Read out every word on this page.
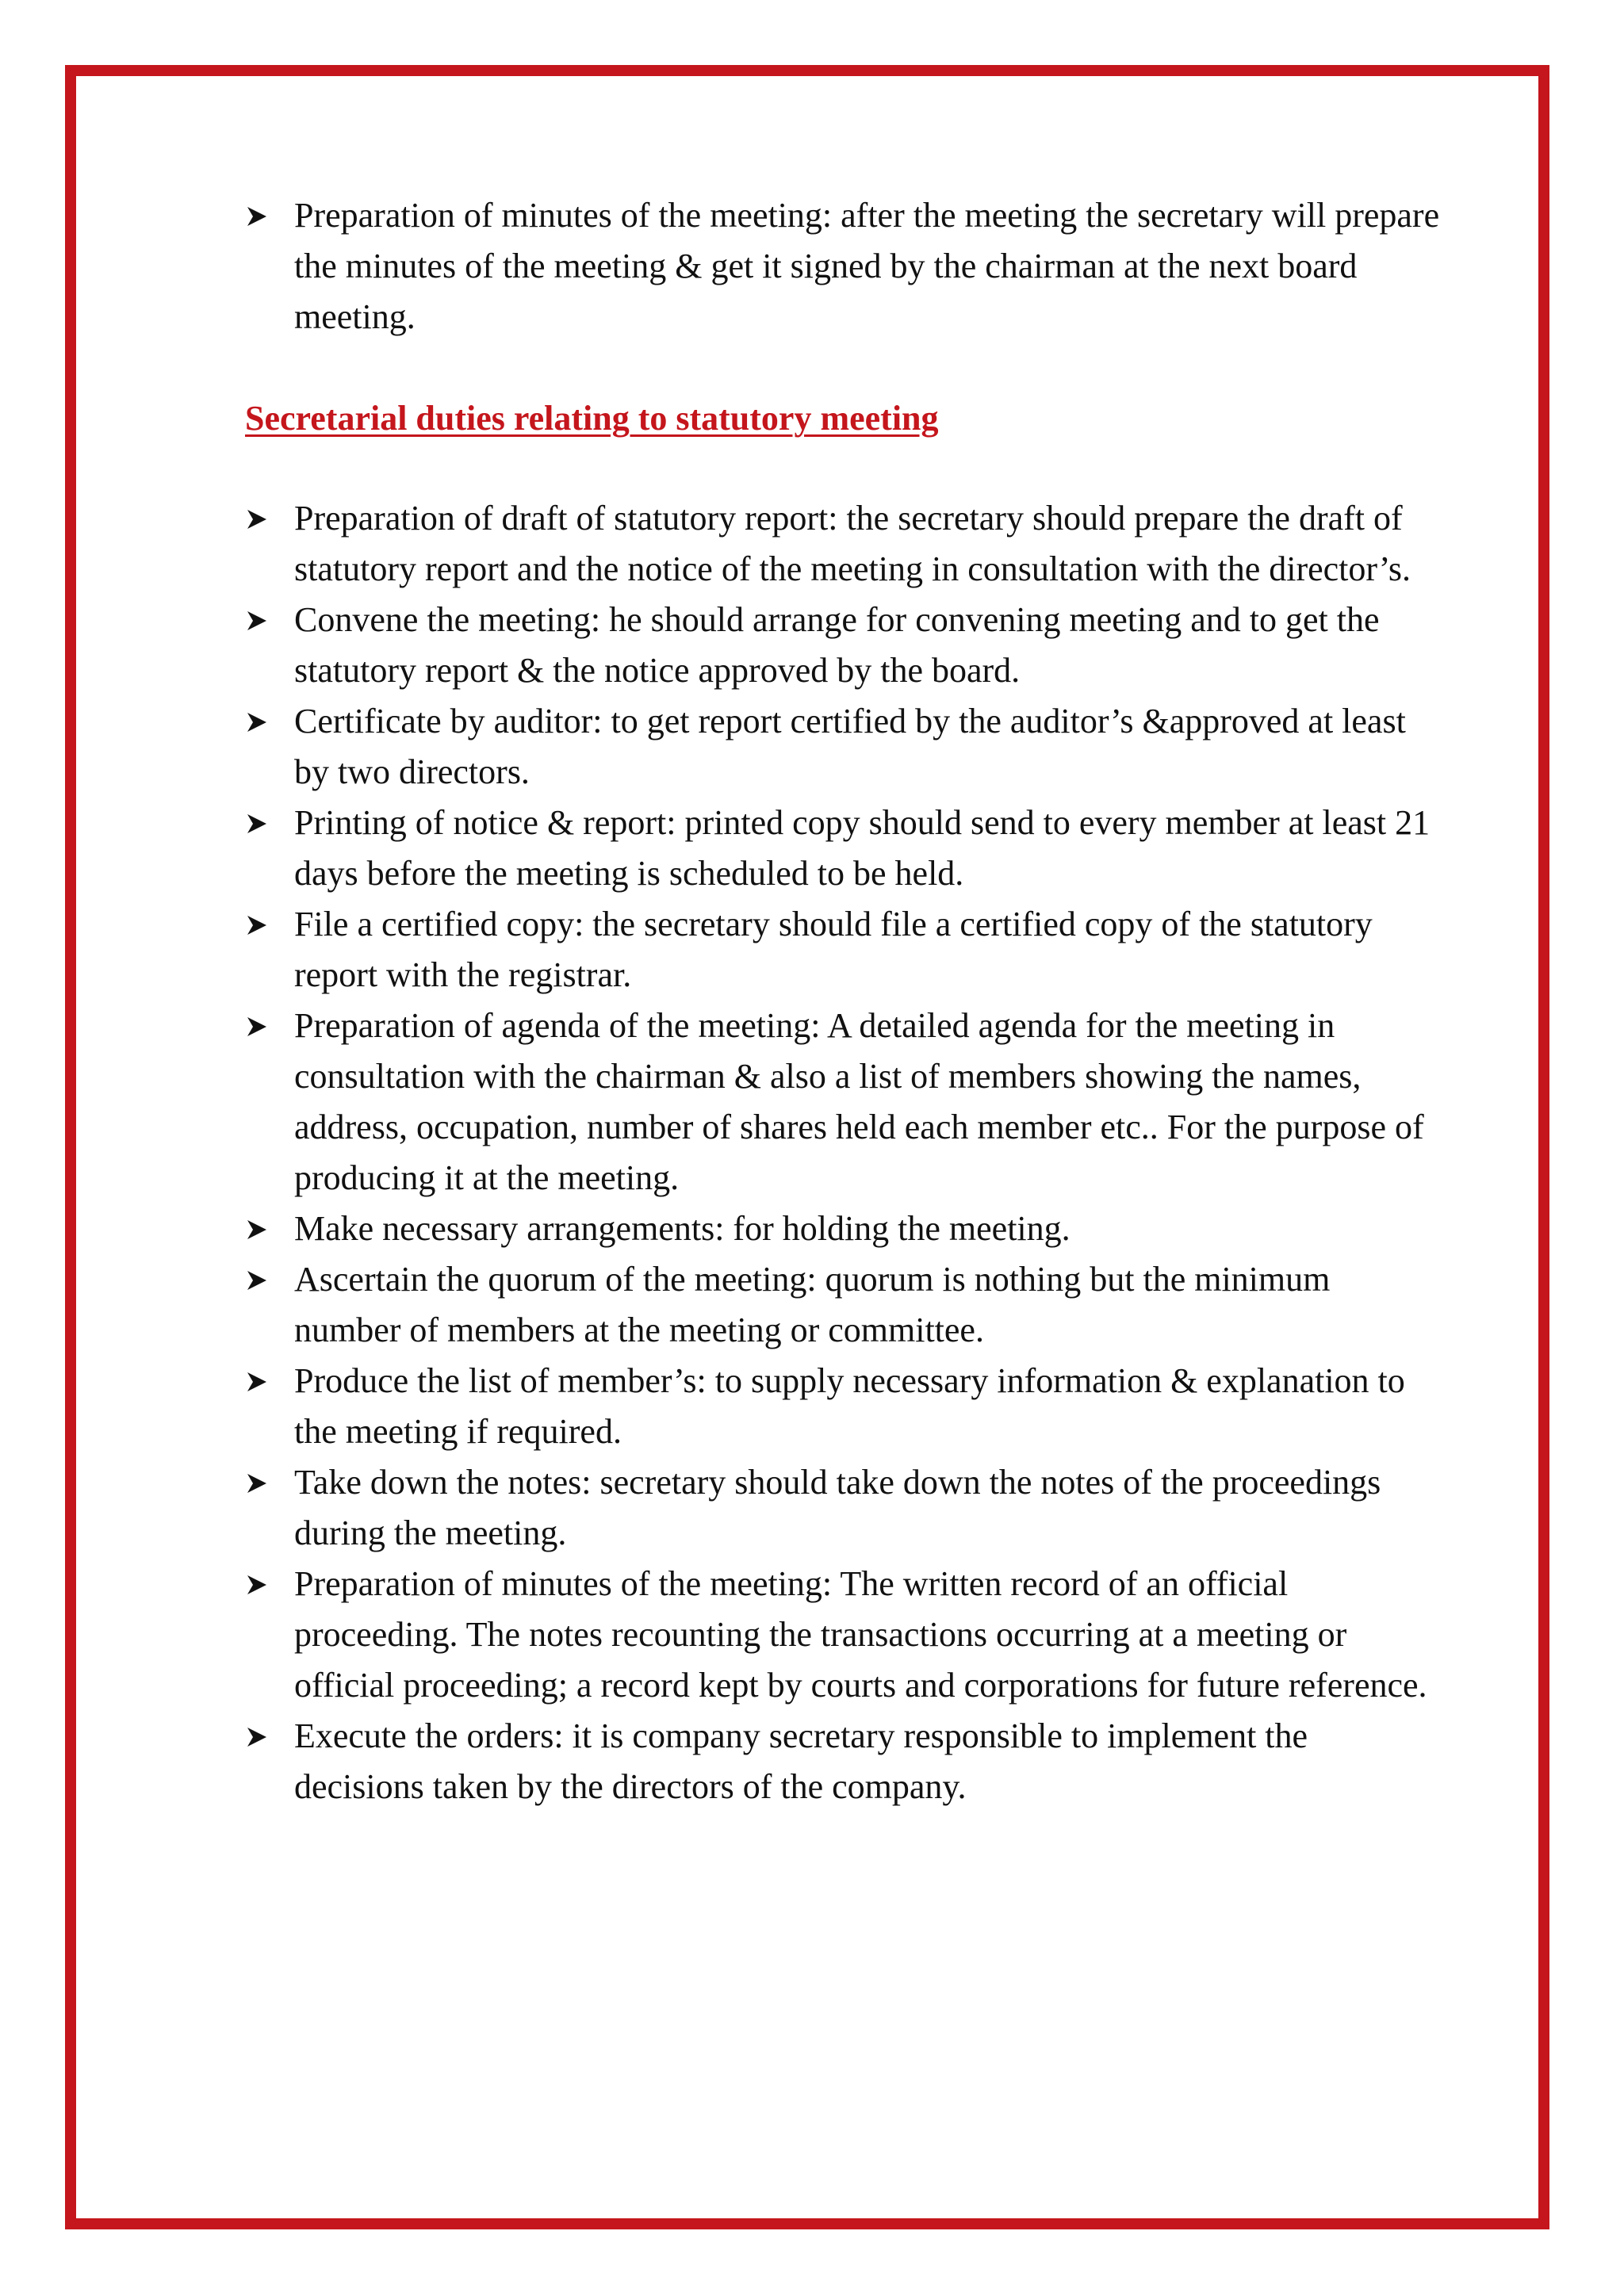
Preparation of minutes of the meeting: after the meeting the secretary will prepare the minutes of the meeting & get it signed by the chairman at the next board meeting.
Secretarial duties relating to statutory meeting
Preparation of draft of statutory report: the secretary should prepare the draft of statutory report and the notice of the meeting in consultation with the director’s.
Convene the meeting: he should arrange for convening meeting and to get the statutory report & the notice approved by the board.
Certificate by auditor: to get report certified by the auditor’s &approved at least by two directors.
Printing of notice & report: printed copy should send to every member at least 21 days before the meeting is scheduled to be held.
File a certified copy: the secretary should file a certified copy of the statutory report with the registrar.
Preparation of agenda of the meeting: A detailed agenda for the meeting in consultation with the chairman & also a list of members showing the names, address, occupation, number of shares held each member etc.. For the purpose of producing it at the meeting.
Make necessary arrangements: for holding the meeting.
Ascertain the quorum of the meeting: quorum is nothing but the minimum number of members at the meeting or committee.
Produce the list of member’s: to supply necessary information & explanation to the meeting if required.
Take down the notes: secretary should take down the notes of the proceedings during the meeting.
Preparation of minutes of the meeting: The written record of an official proceeding. The notes recounting the transactions occurring at a meeting or official proceeding; a record kept by courts and corporations for future reference.
Execute the orders: it is company secretary responsible to implement the decisions taken by the directors of the company.
